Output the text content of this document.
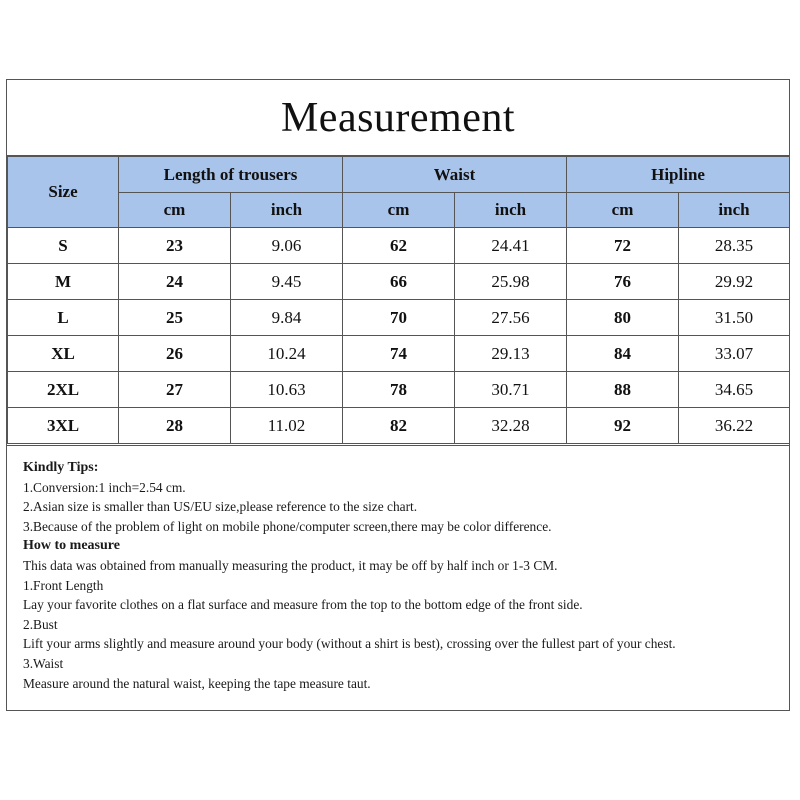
Measurement
Size	Length of trousers		Waist		Hipline	
	cm	inch	cm	inch	cm	inch
S	23	9.06	62	24.41	72	28.35
M	24	9.45	66	25.98	76	29.92
L	25	9.84	70	27.56	80	31.50
XL	26	10.24	74	29.13	84	33.07
2XL	27	10.63	78	30.71	88	34.65
3XL	28	11.02	82	32.28	92	36.22
Kindly Tips:
1.Conversion:1 inch=2.54 cm.
2.Asian size is smaller than US/EU size,please reference to the size chart.
3.Because of the problem of light on mobile phone/computer screen,there may be color difference.
How to measure
This data was obtained from manually measuring the product, it may be off by half inch or 1-3 CM.
1.Front Length
Lay your favorite clothes on a flat surface and measure from the top to the bottom edge of the front side.
2.Bust
Lift your arms slightly and measure around your body (without a shirt is best), crossing over the fullest part of your chest.
3.Waist
Measure around the natural waist, keeping the tape measure taut.
